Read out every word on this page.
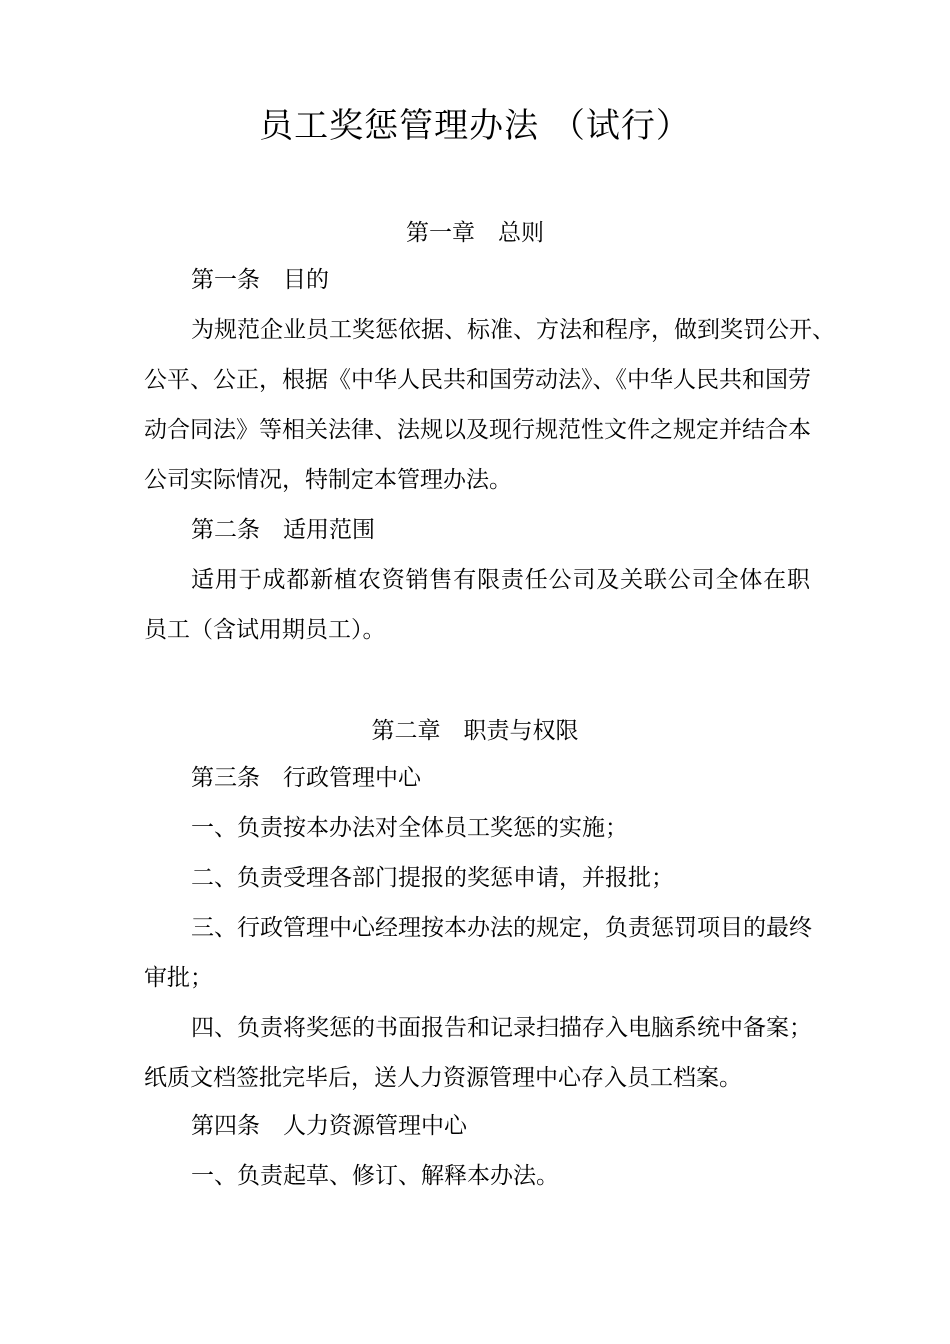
员工奖惩管理办法 （试行）
第一章　总则
第一条　目的
为规范企业员工奖惩依据、标准、方法和程序，做到奖罚公开、
公平、公正，根据《中华人民共和国劳动法》、《中华人民共和国劳
动合同法》等相关法律、法规以及现行规范性文件之规定并结合本
公司实际情况，特制定本管理办法。
第二条　适用范围
适用于成都新植农资销售有限责任公司及关联公司全体在职
员工（含试用期员工）。
第二章　职责与权限
第三条　行政管理中心
一、负责按本办法对全体员工奖惩的实施；
二、负责受理各部门提报的奖惩申请，并报批；
三、行政管理中心经理按本办法的规定，负责惩罚项目的最终
审批；
四、负责将奖惩的书面报告和记录扫描存入电脑系统中备案；
纸质文档签批完毕后，送人力资源管理中心存入员工档案。
第四条　人力资源管理中心
一、负责起草、修订、解释本办法。
